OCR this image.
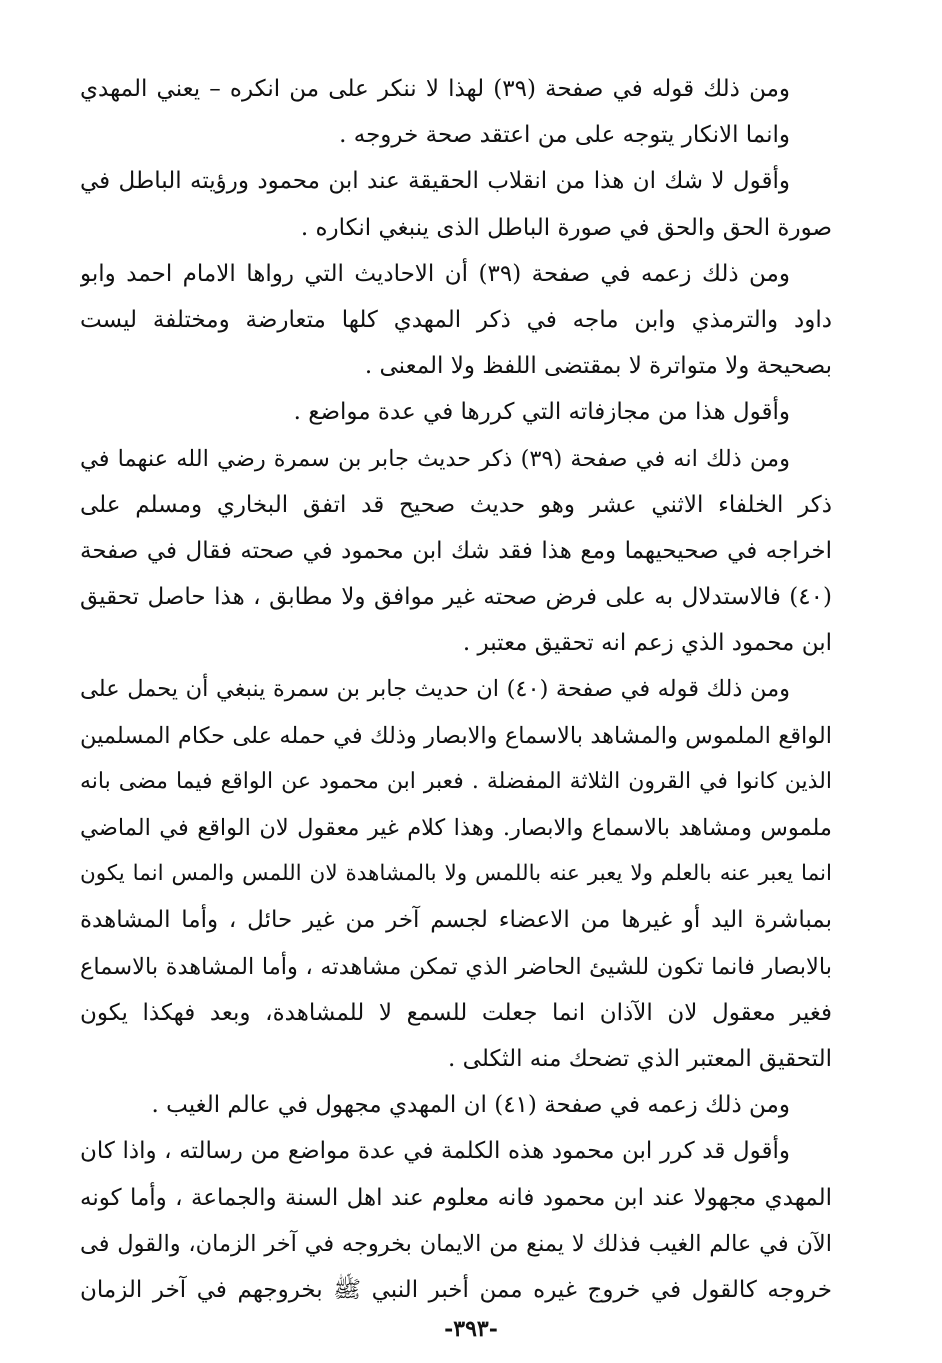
ومن ذلك قوله في صفحة (٣٩) لهذا لا ننكر على من انكره – يعني المهدي
وانما الانكار يتوجه على من اعتقد صحة خروجه .
وأقول لا شك ان هذا من انقلاب الحقيقة عند ابن محمود ورؤيته الباطل في
صورة الحق والحق في صورة الباطل الذى ينبغي انكاره .
ومن ذلك زعمه في صفحة (٣٩) أن الاحاديث التي رواها الامام احمد وابو
داود والترمذي وابن ماجه في ذكر المهدي كلها متعارضة ومختلفة ليست
بصحيحة ولا متواترة لا بمقتضى اللفظ ولا المعنى .
وأقول هذا من مجازفاته التي كررها في عدة مواضع .
ومن ذلك انه في صفحة (٣٩) ذكر حديث جابر بن سمرة رضي الله عنهما في
ذكر الخلفاء الاثني عشر وهو حديث صحيح قد اتفق البخاري ومسلم على
اخراجه في صحيحيهما ومع هذا فقد شك ابن محمود في صحته فقال في صفحة
(٤٠) فالاستدلال به على فرض صحته غير موافق ولا مطابق ، هذا حاصل تحقيق
ابن محمود الذي زعم انه تحقيق معتبر .
ومن ذلك قوله في صفحة (٤٠) ان حديث جابر بن سمرة ينبغي أن يحمل على
الواقع الملموس والمشاهد بالاسماع والابصار وذلك في حمله على حكام المسلمين
الذين كانوا في القرون الثلاثة المفضلة . فعبر ابن محمود عن الواقع فيما مضى بانه
ملموس ومشاهد بالاسماع والابصار. وهذا كلام غير معقول لان الواقع في الماضي
انما يعبر عنه بالعلم ولا يعبر عنه باللمس ولا بالمشاهدة لان اللمس والمس انما يكون
بمباشرة اليد أو غيرها من الاعضاء لجسم آخر من غير حائل ، وأما المشاهدة
بالابصار فانما تكون للشيئ الحاضر الذي تمكن مشاهدته ، وأما المشاهدة بالاسماع
فغير معقول لان الآذان انما جعلت للسمع لا للمشاهدة، وبعد فهكذا يكون
التحقيق المعتبر الذي تضحك منه الثكلى .
ومن ذلك زعمه في صفحة (٤١) ان المهدي مجهول في عالم الغيب .
وأقول قد كرر ابن محمود هذه الكلمة في عدة مواضع من رسالته ، واذا كان
المهدي مجهولا عند ابن محمود فانه معلوم عند اهل السنة والجماعة ، وأما كونه
الآن في عالم الغيب فذلك لا يمنع من الايمان بخروجه في آخر الزمان، والقول فى
خروجه كالقول في خروج غيره ممن أخبر النبي ﷺ بخروجهم في آخر الزمان
-٣٩٣-
